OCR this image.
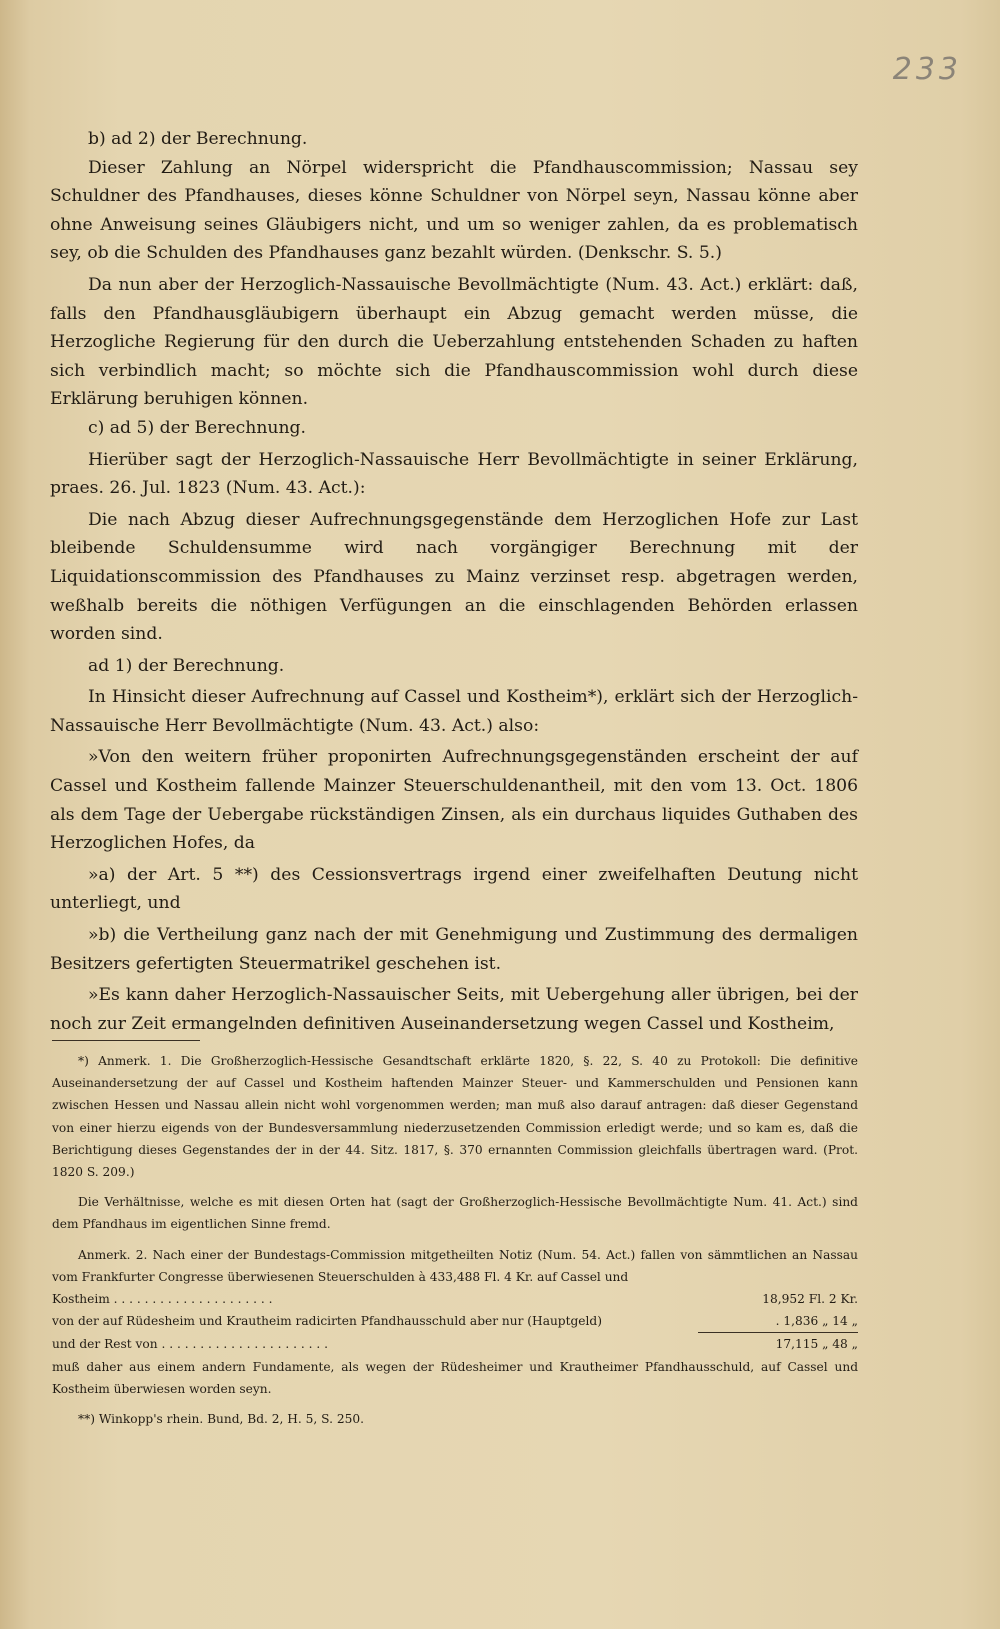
233

b) ad 2) der Berechnung.

Dieser Zahlung an Nörpel widerspricht die Pfandhauscommission; Nassau sey Schuldner des Pfandhauses, dieses könne Schuldner von Nörpel seyn, Nassau könne aber ohne Anweisung seines Gläubigers nicht, und um so weniger zahlen, da es problematisch sey, ob die Schulden des Pfandhauses ganz bezahlt würden. (Denkschr. S. 5.)

Da nun aber der Herzoglich-Nassauische Bevollmächtigte (Num. 43. Act.) erklärt: daß, falls den Pfandhausgläubigern überhaupt ein Abzug gemacht werden müsse, die Herzogliche Regierung für den durch die Ueberzahlung entstehenden Schaden zu haften sich verbindlich macht; so möchte sich die Pfandhauscommission wohl durch diese Erklärung beruhigen können.

c) ad 5) der Berechnung.

Hierüber sagt der Herzoglich-Nassauische Herr Bevollmächtigte in seiner Erklärung, praes. 26. Jul. 1823 (Num. 43. Act.):

Die nach Abzug dieser Aufrechnungsgegenstände dem Herzoglichen Hofe zur Last bleibende Schuldensumme wird nach vorgängiger Berechnung mit der Liquidationscommission des Pfandhauses zu Mainz verzinset resp. abgetragen werden, weßhalb bereits die nöthigen Verfügungen an die einschlagenden Behörden erlassen worden sind.

ad 1) der Berechnung.

In Hinsicht dieser Aufrechnung auf Cassel und Kostheim*), erklärt sich der Herzoglich-Nassauische Herr Bevollmächtigte (Num. 43. Act.) also:

»Von den weitern früher proponirten Aufrechnungsgegenständen erscheint der auf Cassel und Kostheim fallende Mainzer Steuerschuldenantheil, mit den vom 13. Oct. 1806 als dem Tage der Uebergabe rückständigen Zinsen, als ein durchaus liquides Guthaben des Herzoglichen Hofes, da

»a) der Art. 5 **) des Cessionsvertrags irgend einer zweifelhaften Deutung nicht unterliegt, und

»b) die Vertheilung ganz nach der mit Genehmigung und Zustimmung des dermaligen Besitzers gefertigten Steuermatrikel geschehen ist.

»Es kann daher Herzoglich-Nassauischer Seits, mit Uebergehung aller übrigen, bei der noch zur Zeit ermangelnden definitiven Auseinandersetzung wegen Cassel und Kostheim,

*) Anmerk. 1. Die Großherzoglich-Hessische Gesandtschaft erklärte 1820, §. 22, S. 40 zu Protokoll: Die definitive Auseinandersetzung der auf Cassel und Kostheim haftenden Mainzer Steuer- und Kammerschulden und Pensionen kann zwischen Hessen und Nassau allein nicht wohl vorgenommen werden; man muß also darauf antragen: daß dieser Gegenstand von einer hierzu eigends von der Bundesversammlung niederzusetzenden Commission erledigt werde; und so kam es, daß die Berichtigung dieses Gegenstandes der in der 44. Sitz. 1817, §. 370 ernannten Commission gleichfalls übertragen ward. (Prot. 1820 S. 209.)

Die Verhältnisse, welche es mit diesen Orten hat (sagt der Großherzoglich-Hessische Bevollmächtigte Num. 41. Act.) sind dem Pfandhaus im eigentlichen Sinne fremd.

Anmerk. 2. Nach einer der Bundestags-Commission mitgetheilten Notiz (Num. 54. Act.) fallen von sämmtlichen an Nassau vom Frankfurter Congresse überwiesenen Steuerschulden à 433,488 Fl. 4 Kr. auf Cassel und

Kostheim . . . . . . . . . . . . . . . . . . . . .	18,952 Fl. 2 Kr.
von der auf Rüdesheim und Krautheim radicirten Pfandhausschuld aber nur (Hauptgeld)	. 1,836 „ 14 „
und der Rest von . . . . . . . . . . . . . . . . . . . . . .	17,115 „ 48 „

muß daher aus einem andern Fundamente, als wegen der Rüdesheimer und Krautheimer Pfandhausschuld, auf Cassel und Kostheim überwiesen worden seyn.

**) Winkopp's rhein. Bund, Bd. 2, H. 5, S. 250.
